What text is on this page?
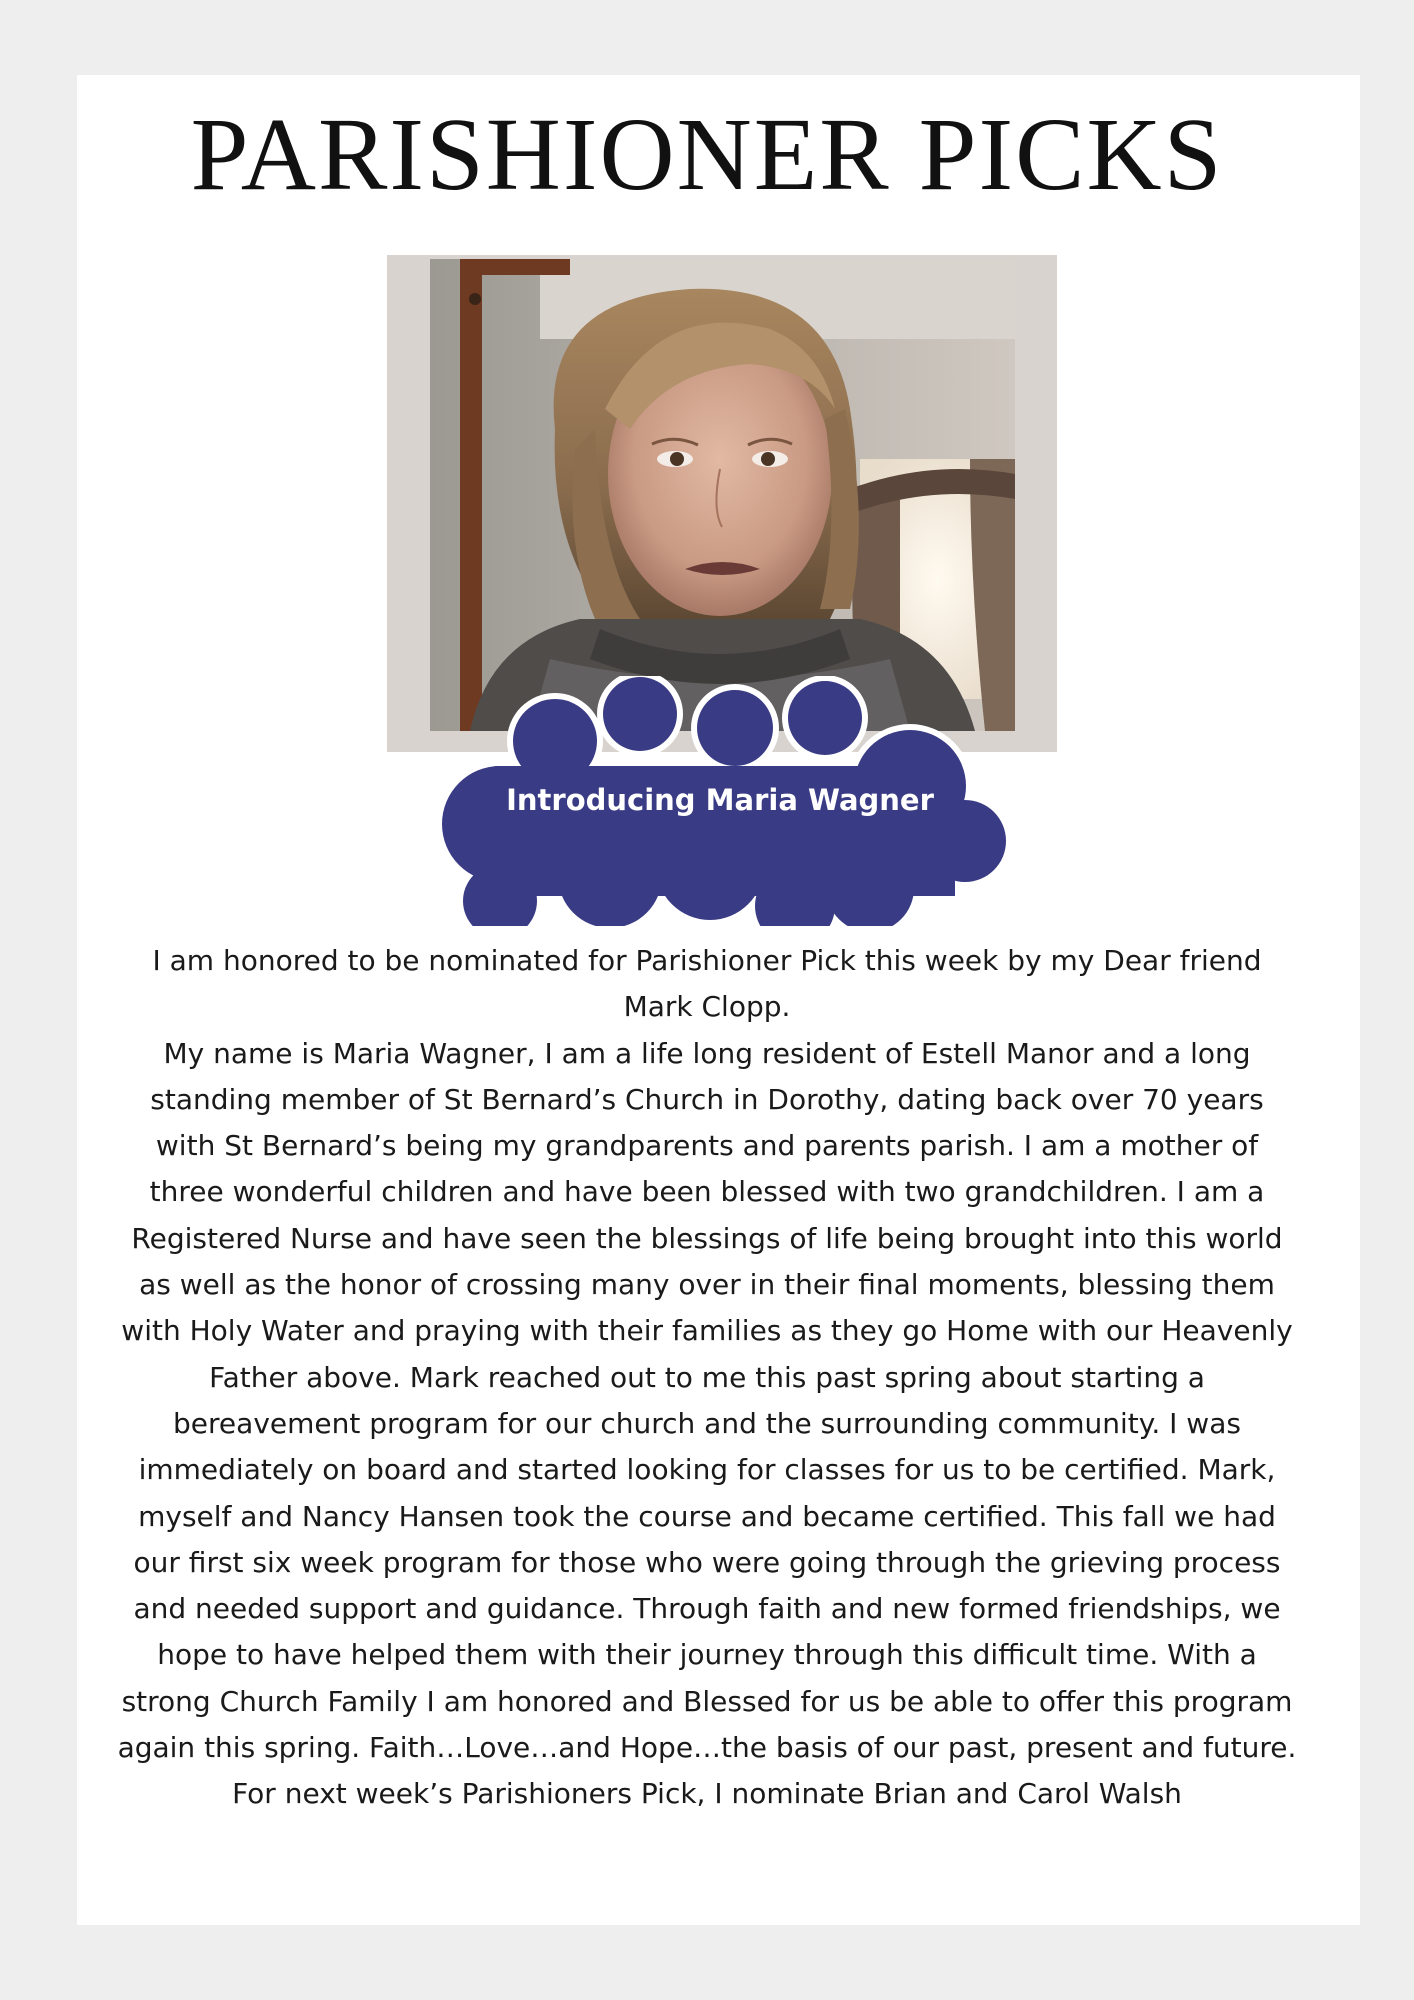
PARISHIONER PICKS
Introducing Maria Wagner

I am honored to be nominated for Parishioner Pick this week by my Dear friend Mark Clopp.

My name is Maria Wagner, I am a life long resident of Estell Manor and a long standing member of St Bernard’s Church in Dorothy, dating back over 70 years with St Bernard’s being my grandparents and parents parish. I am a mother of three wonderful children and have been blessed with two grandchildren. I am a Registered Nurse and have seen the blessings of life being brought into this world as well as the honor of crossing many over in their final moments, blessing them with Holy Water and praying with their families as they go Home with our Heavenly Father above. Mark reached out to me this past spring about starting a bereavement program for our church and the surrounding community. I was immediately on board and started looking for classes for us to be certified. Mark, myself and Nancy Hansen took the course and became certified. This fall we had our first six week program for those who were going through the grieving process and needed support and guidance. Through faith and new formed friendships, we hope to have helped them with their journey through this difficult time. With a strong Church Family I am honored and Blessed for us be able to offer this program again this spring. Faith…Love…and Hope…the basis of our past, present and future.

For next week’s Parishioners Pick, I nominate Brian and Carol Walsh
